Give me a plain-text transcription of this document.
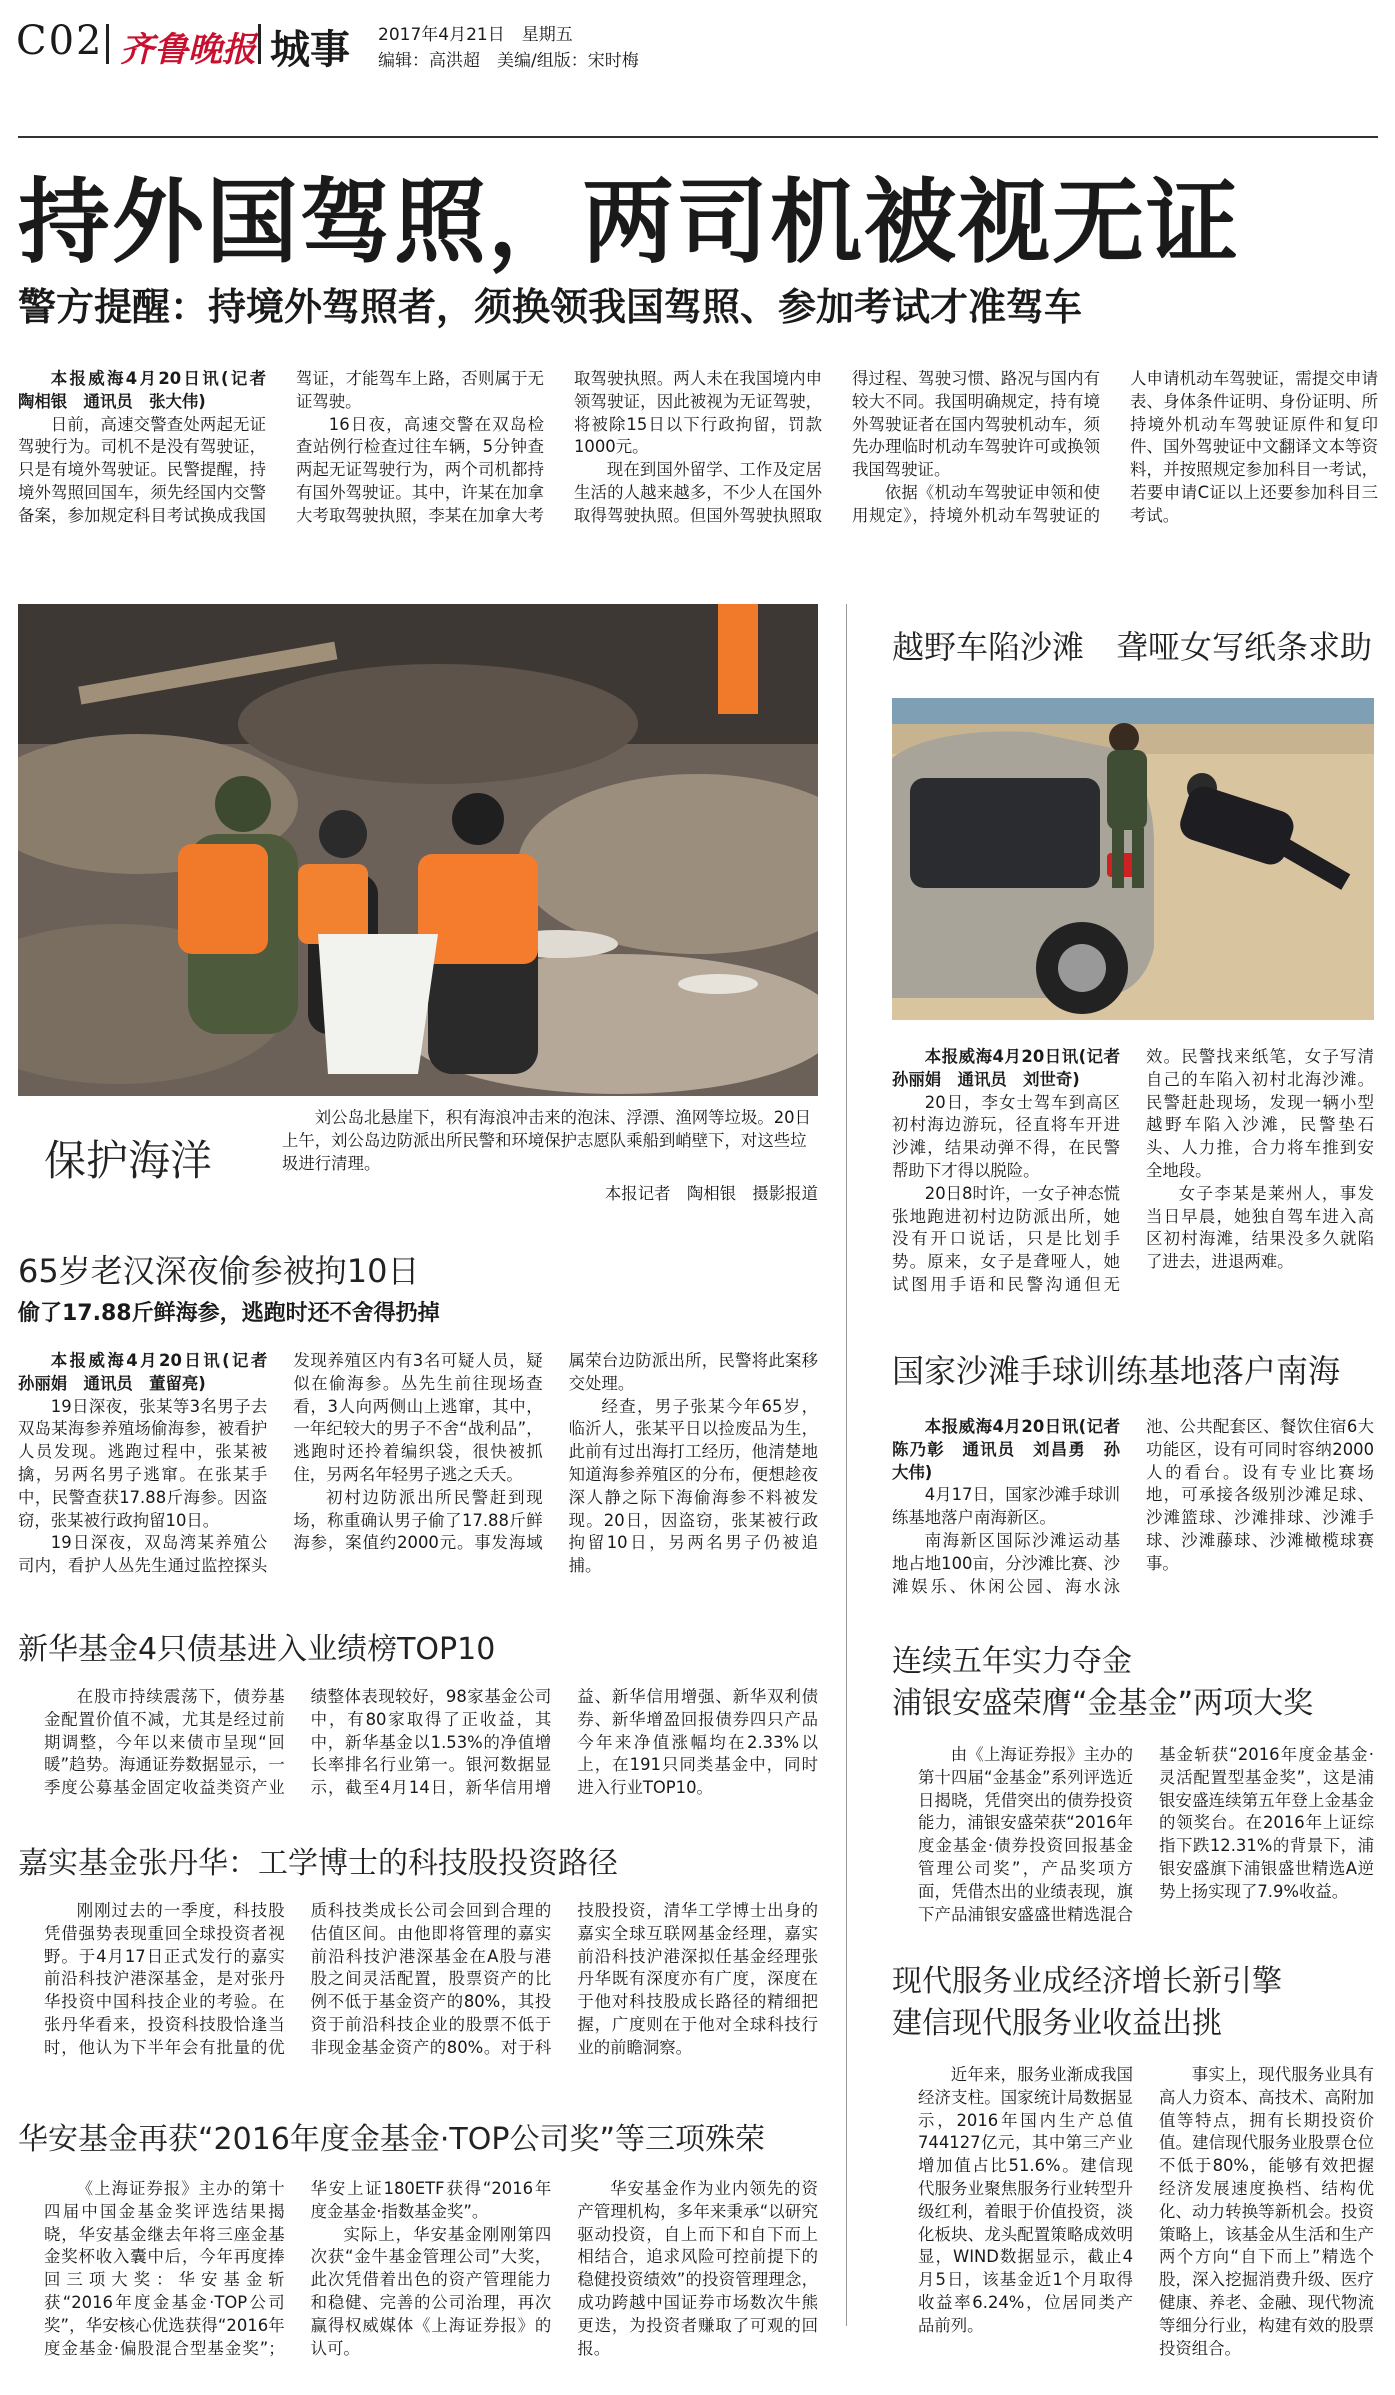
C02 齐鲁晚报 城事 2017年4月21日　星期五
编辑：高洪超　美编/组版：宋时梅
持外国驾照，两司机被视无证
警方提醒：持境外驾照者，须换领我国驾照、参加考试才准驾车

本报威海4月20日讯(记者　陶相银　通讯员　张大伟)

日前，高速交警查处两起无证驾驶行为。司机不是没有驾驶证，只是有境外驾驶证。民警提醒，持境外驾照回国车，须先经国内交警备案，参加规定科目考试换成我国驾证，才能驾车上路，否则属于无证驾驶。

16日夜，高速交警在双岛检查站例行检查过往车辆，5分钟查两起无证驾驶行为，两个司机都持有国外驾驶证。其中，许某在加拿大考取驾驶执照，李某在加拿大考取驾驶执照。两人未在我国境内申领驾驶证，因此被视为无证驾驶，将被除15日以下行政拘留，罚款1000元。

现在到国外留学、工作及定居生活的人越来越多，不少人在国外取得驾驶执照。但国外驾驶执照取得过程、驾驶习惯、路况与国内有较大不同。我国明确规定，持有境外驾驶证者在国内驾驶机动车，须先办理临时机动车驾驶许可或换领我国驾驶证。

依据《机动车驾驶证申领和使用规定》，持境外机动车驾驶证的人申请机动车驾驶证，需提交申请表、身体条件证明、身份证明、所持境外机动车驾驶证原件和复印件、国外驾驶证中文翻译文本等资料，并按照规定参加科目一考试，若要申请C证以上还要参加科目三考试。

保护海洋
刘公岛北悬崖下，积有海浪冲击来的泡沫、浮漂、渔网等垃圾。20日上午，刘公岛边防派出所民警和环境保护志愿队乘船到峭壁下，对这些垃圾进行清理。
本报记者　陶相银　摄影报道
越野车陷沙滩　聋哑女写纸条求助

本报威海4月20日讯(记者　孙丽娟　通讯员　刘世奇)

20日，李女士驾车到高区初村海边游玩，径直将车开进沙滩，结果动弹不得，在民警帮助下才得以脱险。

20日8时许，一女子神态慌张地跑进初村边防派出所，她没有开口说话，只是比划手势。原来，女子是聋哑人，她试图用手语和民警沟通但无效。民警找来纸笔，女子写清自己的车陷入初村北海沙滩。民警赶赴现场，发现一辆小型越野车陷入沙滩，民警垫石头、人力推，合力将车推到安全地段。

女子李某是莱州人，事发当日早晨，她独自驾车进入高区初村海滩，结果没多久就陷了进去，进退两难。

65岁老汉深夜偷参被拘10日
偷了17.88斤鲜海参，逃跑时还不舍得扔掉

本报威海4月20日讯(记者　孙丽娟　通讯员　董留亮)

19日深夜，张某等3名男子去双岛某海参养殖场偷海参，被看护人员发现。逃跑过程中，张某被擒，另两名男子逃窜。在张某手中，民警查获17.88斤海参。因盗窃，张某被行政拘留10日。

19日深夜，双岛湾某养殖公司内，看护人丛先生通过监控探头发现养殖区内有3名可疑人员，疑似在偷海参。丛先生前往现场查看，3人向两侧山上逃窜，其中，一年纪较大的男子不舍“战利品”，逃跑时还拎着编织袋，很快被抓住，另两名年轻男子逃之夭夭。

初村边防派出所民警赶到现场，称重确认男子偷了17.88斤鲜海参，案值约2000元。事发海域属荣台边防派出所，民警将此案移交处理。

经查，男子张某今年65岁，临沂人，张某平日以捡废品为生，此前有过出海打工经历，他清楚地知道海参养殖区的分布，便想趁夜深人静之际下海偷海参不料被发现。20日，因盗窃，张某被行政拘留10日，另两名男子仍被追捕。

国家沙滩手球训练基地落户南海

本报威海4月20日讯(记者　陈乃彰　通讯员　刘昌勇　孙大伟)

4月17日，国家沙滩手球训练基地落户南海新区。

南海新区国际沙滩运动基地占地100亩，分沙滩比赛、沙滩娱乐、休闲公园、海水泳池、公共配套区、餐饮住宿6大功能区，设有可同时容纳2000人的看台。设有专业比赛场地，可承接各级别沙滩足球、沙滩篮球、沙滩排球、沙滩手球、沙滩藤球、沙滩橄榄球赛事。

新华基金4只债基进入业绩榜TOP10

在股市持续震荡下，债券基金配置价值不减，尤其是经过前期调整，今年以来债市呈现“回暖”趋势。海通证券数据显示，一季度公募基金固定收益类资产业绩整体表现较好，98家基金公司中，有80家取得了正收益，其中，新华基金以1.53%的净值增长率排名行业第一。银河数据显示，截至4月14日，新华信用增益、新华信用增强、新华双利债券、新华增盈回报债券四只产品今年来净值涨幅均在2.33%以上，在191只同类基金中，同时进入行业TOP10。

连续五年实力夺金
浦银安盛荣膺“金基金”两项大奖

由《上海证券报》主办的第十四届“金基金”系列评选近日揭晓，凭借突出的债券投资能力，浦银安盛荣获“2016年度金基金·债券投资回报基金管理公司奖”，产品奖项方面，凭借杰出的业绩表现，旗下产品浦银安盛盛世精选混合基金斩获“2016年度金基金·灵活配置型基金奖”，这是浦银安盛连续第五年登上金基金的领奖台。在2016年上证综指下跌12.31%的背景下，浦银安盛旗下浦银盛世精选A逆势上扬实现了7.9%收益。

嘉实基金张丹华：工学博士的科技股投资路径

刚刚过去的一季度，科技股凭借强势表现重回全球投资者视野。于4月17日正式发行的嘉实前沿科技沪港深基金，是对张丹华投资中国科技企业的考验。在张丹华看来，投资科技股恰逢当时，他认为下半年会有批量的优质科技类成长公司会回到合理的估值区间。由他即将管理的嘉实前沿科技沪港深基金在A股与港股之间灵活配置，股票资产的比例不低于基金资产的80%，其投资于前沿科技企业的股票不低于非现金基金资产的80%。对于科技股投资，清华工学博士出身的嘉实全球互联网基金经理，嘉实前沿科技沪港深拟任基金经理张丹华既有深度亦有广度，深度在于他对科技股成长路径的精细把握，广度则在于他对全球科技行业的前瞻洞察。

现代服务业成经济增长新引擎
建信现代服务业收益出挑

近年来，服务业渐成我国经济支柱。国家统计局数据显示，2016年国内生产总值744127亿元，其中第三产业增加值占比51.6%。建信现代服务业聚焦服务行业转型升级红利，着眼于价值投资，淡化板块、龙头配置策略成效明显，WIND数据显示，截止4月5日，该基金近1个月取得收益率6.24%，位居同类产品前列。

事实上，现代服务业具有高人力资本、高技术、高附加值等特点，拥有长期投资价值。建信现代服务业股票仓位不低于80%，能够有效把握经济发展速度换档、结构优化、动力转换等新机会。投资策略上，该基金从生活和生产两个方向“自下而上”精选个股，深入挖掘消费升级、医疗健康、养老、金融、现代物流等细分行业，构建有效的股票投资组合。

华安基金再获“2016年度金基金·TOP公司奖”等三项殊荣

《上海证券报》主办的第十四届中国金基金奖评选结果揭晓，华安基金继去年将三座金基金奖杯收入囊中后，今年再度捧回三项大奖：华安基金斩获“2016年度金基金·TOP公司奖”，华安核心优选获得“2016年度金基金·偏股混合型基金奖”；华安上证180ETF获得“2016年度金基金·指数基金奖”。

实际上，华安基金刚刚第四次获“金牛基金管理公司”大奖，此次凭借着出色的资产管理能力和稳健、完善的公司治理，再次赢得权威媒体《上海证券报》的认可。

华安基金作为业内领先的资产管理机构，多年来秉承“以研究驱动投资，自上而下和自下而上相结合，追求风险可控前提下的稳健投资绩效”的投资管理理念，成功跨越中国证券市场数次牛熊更迭，为投资者赚取了可观的回报。
